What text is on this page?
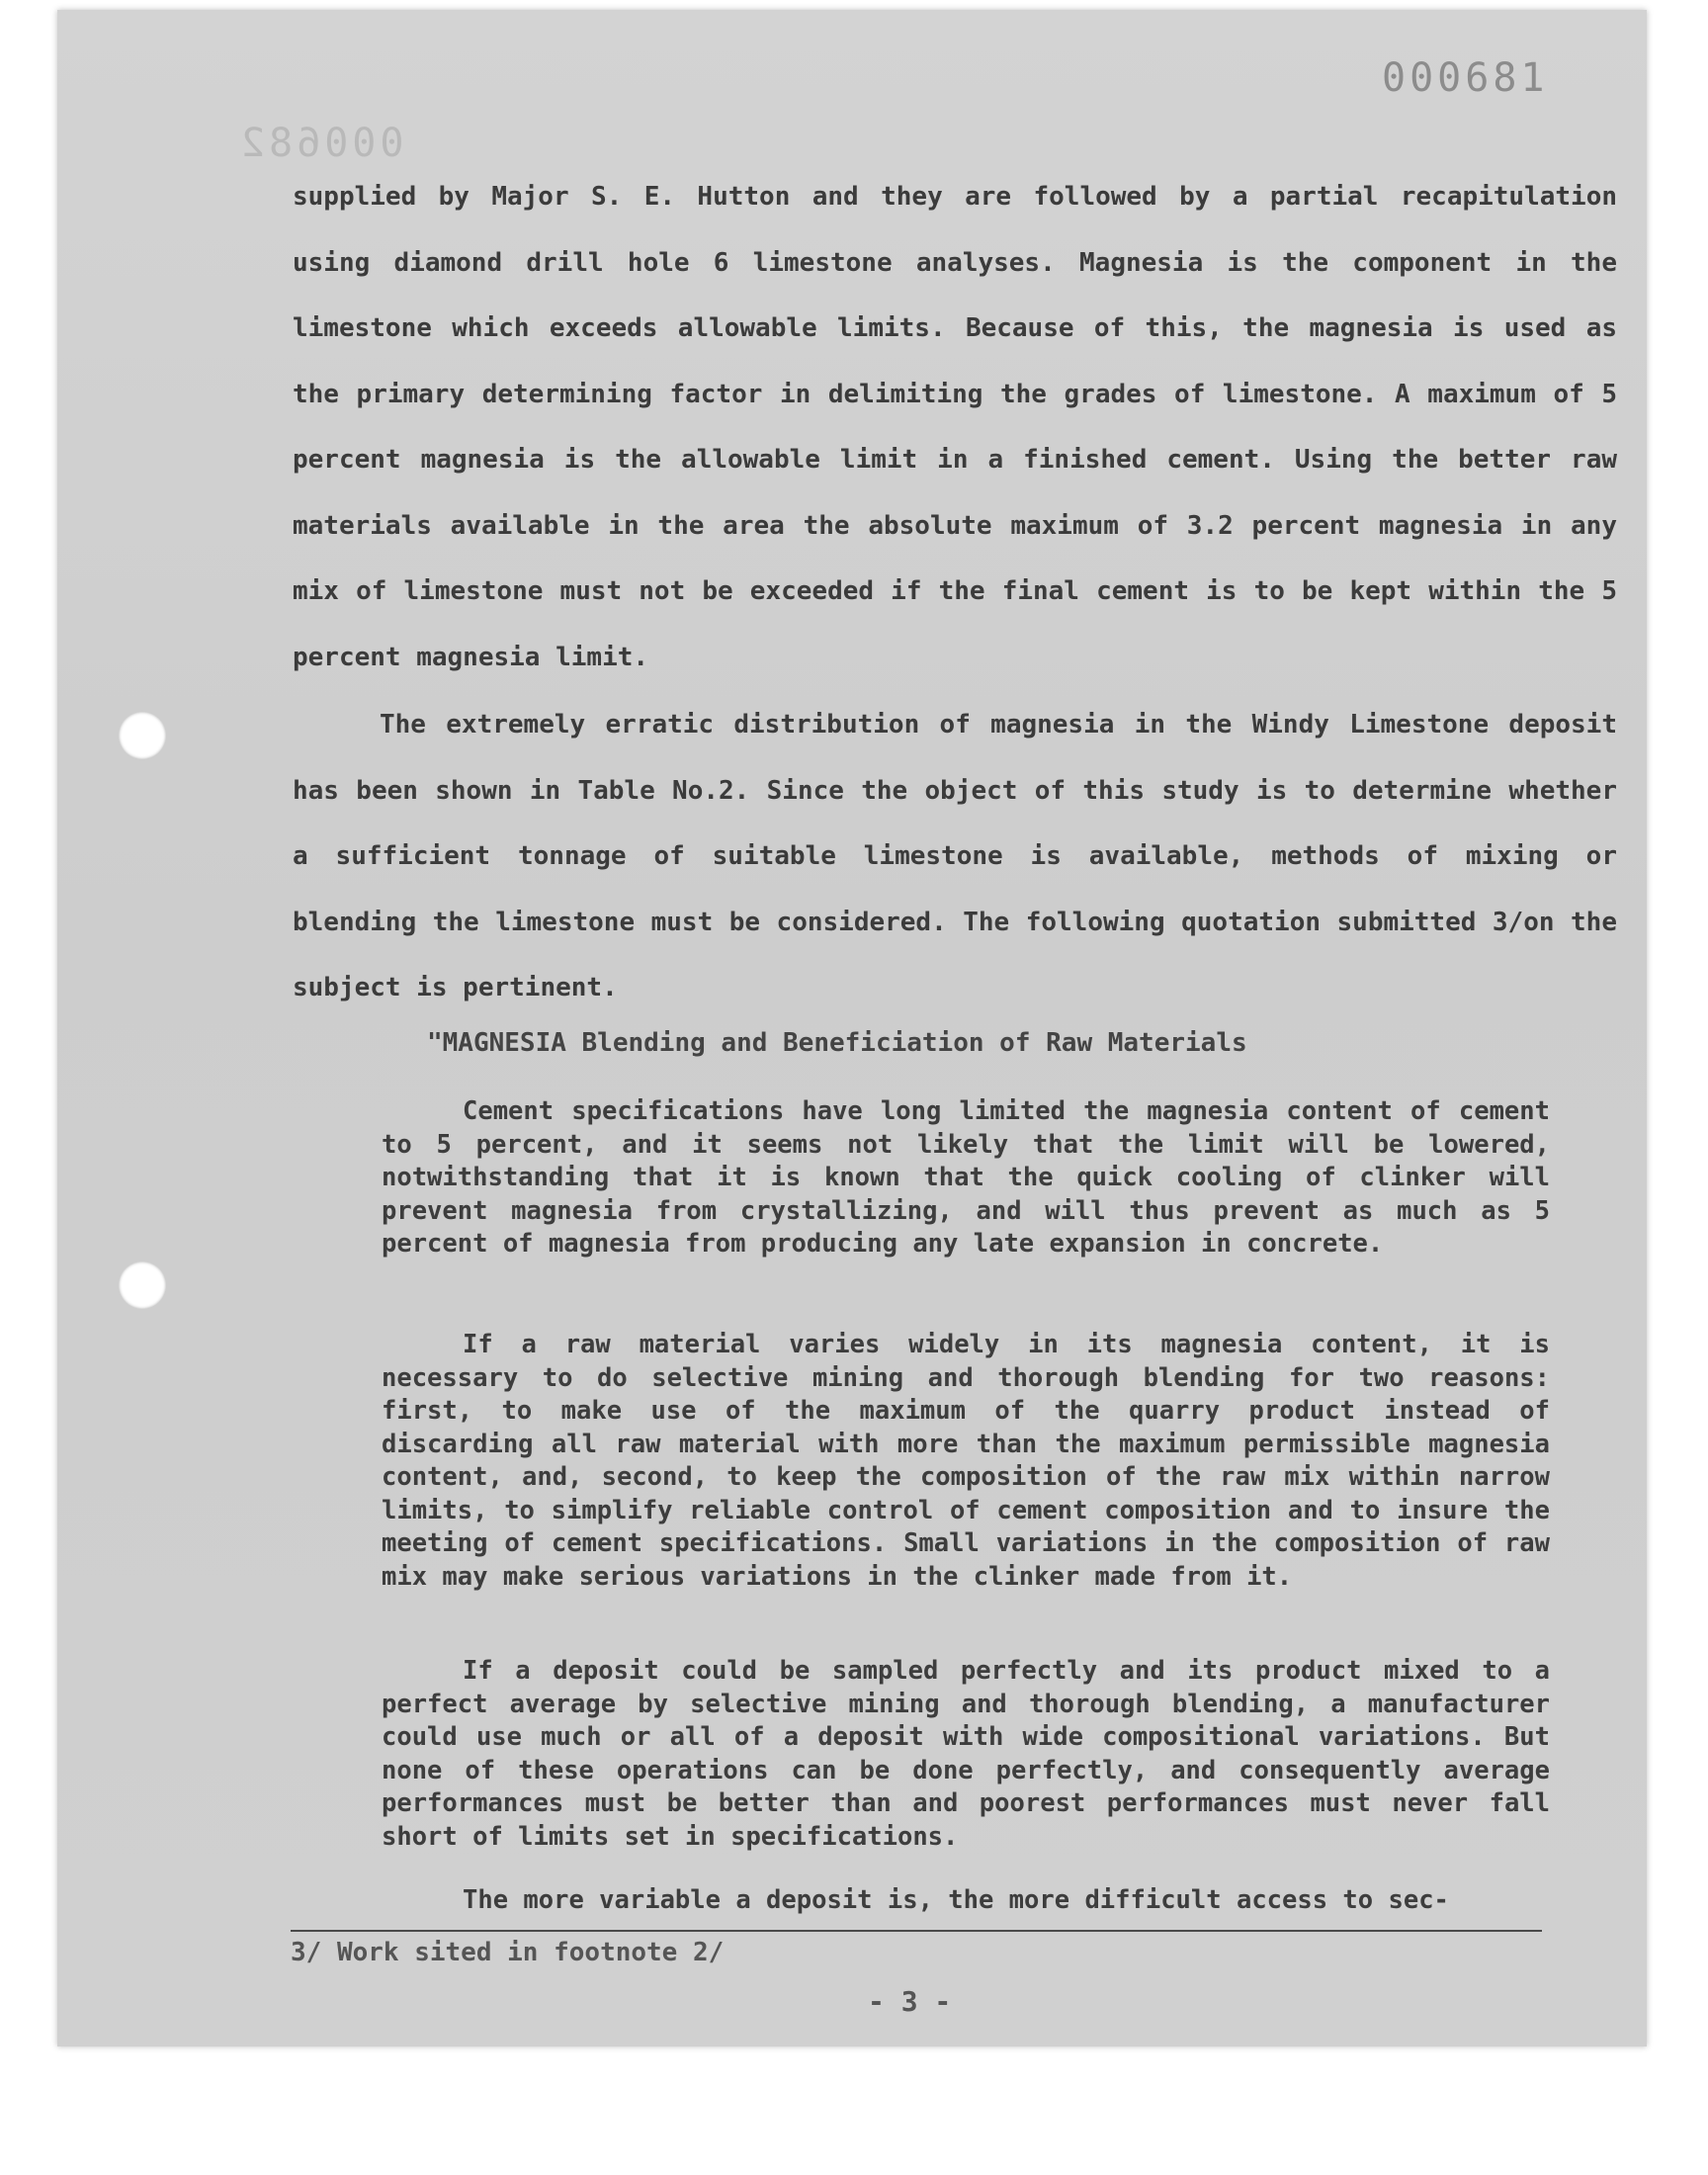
000681
000682

supplied by Major S. E. Hutton and they are followed by a partial recapitulation using diamond drill hole 6 limestone analyses. Magnesia is the component in the limestone which exceeds allowable limits. Because of this, the magnesia is used as the primary determining factor in delimiting the grades of limestone. A maximum of 5 percent magnesia is the allowable limit in a finished cement. Using the better raw materials available in the area the absolute maximum of 3.2 percent magnesia in any mix of limestone must not be exceeded if the final cement is to be kept within the 5 percent magnesia limit.

The extremely erratic distribution of magnesia in the Windy Limestone deposit has been shown in Table No.2. Since the object of this study is to determine whether a sufficient tonnage of suitable limestone is available, methods of mixing or blending the limestone must be considered. The following quotation submitted 3/on the subject is pertinent.

"MAGNESIA Blending and Beneficiation of Raw Materials

Cement specifications have long limited the magnesia content of cement to 5 percent, and it seems not likely that the limit will be lowered, notwithstanding that it is known that the quick cooling of clinker will prevent magnesia from crystallizing, and will thus prevent as much as 5 percent of magnesia from producing any late expansion in concrete.

If a raw material varies widely in its magnesia content, it is necessary to do selective mining and thorough blending for two reasons: first, to make use of the maximum of the quarry product instead of discarding all raw material with more than the maximum permissible magnesia content, and, second, to keep the composition of the raw mix within narrow limits, to simplify reliable control of cement composition and to insure the meeting of cement specifications. Small variations in the composition of raw mix may make serious variations in the clinker made from it.

If a deposit could be sampled perfectly and its product mixed to a perfect average by selective mining and thorough blending, a manufacturer could use much or all of a deposit with wide compositional variations. But none of these operations can be done perfectly, and consequently average performances must be better than and poorest performances must never fall short of limits set in specifications.

The more variable a deposit is, the more difficult access to sec-

3/ Work sited in footnote 2/

- 3 -
